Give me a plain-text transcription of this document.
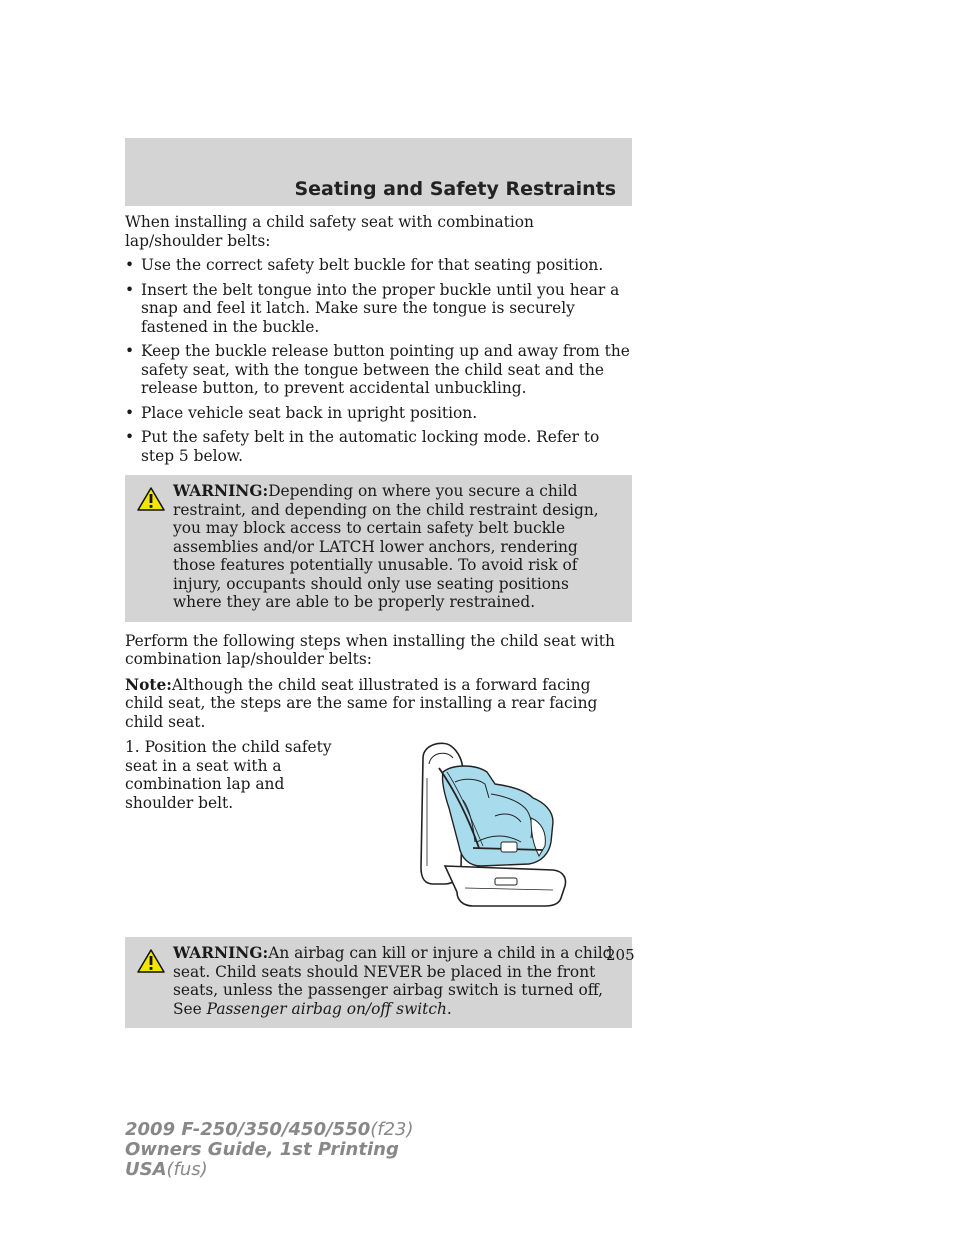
Seating and Safety Restraints

When installing a child safety seat with combination lap/shoulder belts:

• Use the correct safety belt buckle for that seating position.
• Insert the belt tongue into the proper buckle until you hear a snap and feel it latch. Make sure the tongue is securely fastened in the buckle.
• Keep the buckle release button pointing up and away from the safety seat, with the tongue between the child seat and the release button, to prevent accidental unbuckling.
• Place vehicle seat back in upright position.
• Put the safety belt in the automatic locking mode. Refer to step 5 below.

WARNING:Depending on where you secure a child restraint, and depending on the child restraint design, you may block access to certain safety belt buckle assemblies and/or LATCH lower anchors, rendering those features potentially unusable. To avoid risk of injury, occupants should only use seating positions where they are able to be properly restrained.

Perform the following steps when installing the child seat with combination lap/shoulder belts:

Note:Although the child seat illustrated is a forward facing child seat, the steps are the same for installing a rear facing child seat.

1. Position the child safety seat in a seat with a combination lap and shoulder belt.

WARNING:An airbag can kill or injure a child in a child seat. Child seats should NEVER be placed in the front seats, unless the passenger airbag switch is turned off, See Passenger airbag on/off switch.

205
2009 F-250/350/450/550(f23)
Owners Guide, 1st Printing
USA(fus)
